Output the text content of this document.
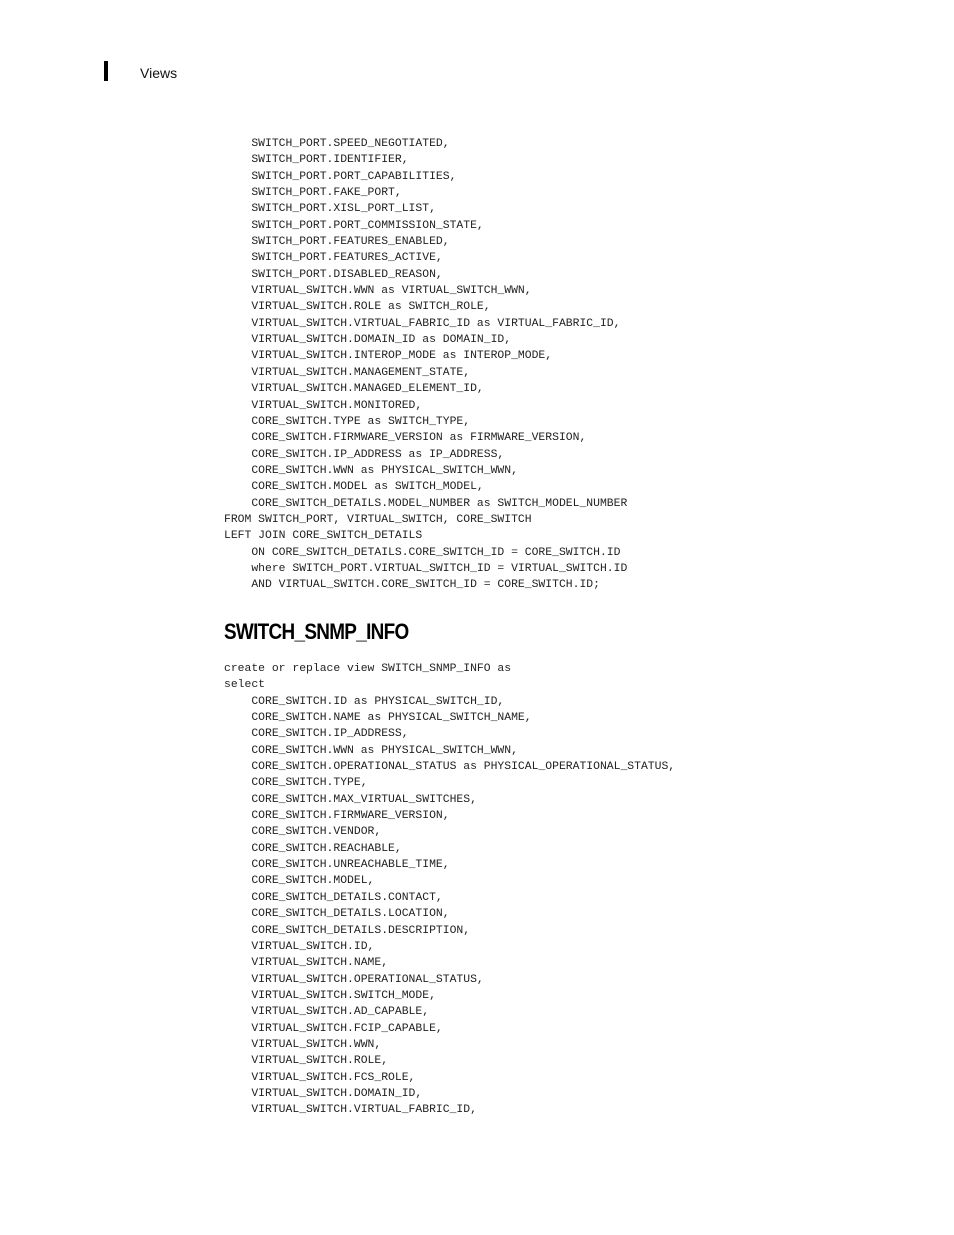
Views
SWITCH_PORT.SPEED_NEGOTIATED,
SWITCH_PORT.IDENTIFIER,
SWITCH_PORT.PORT_CAPABILITIES,
SWITCH_PORT.FAKE_PORT,
SWITCH_PORT.XISL_PORT_LIST,
SWITCH_PORT.PORT_COMMISSION_STATE,
SWITCH_PORT.FEATURES_ENABLED,
SWITCH_PORT.FEATURES_ACTIVE,
SWITCH_PORT.DISABLED_REASON,
VIRTUAL_SWITCH.WWN as VIRTUAL_SWITCH_WWN,
VIRTUAL_SWITCH.ROLE as SWITCH_ROLE,
VIRTUAL_SWITCH.VIRTUAL_FABRIC_ID as VIRTUAL_FABRIC_ID,
VIRTUAL_SWITCH.DOMAIN_ID as DOMAIN_ID,
VIRTUAL_SWITCH.INTEROP_MODE as INTEROP_MODE,
VIRTUAL_SWITCH.MANAGEMENT_STATE,
VIRTUAL_SWITCH.MANAGED_ELEMENT_ID,
VIRTUAL_SWITCH.MONITORED,
CORE_SWITCH.TYPE as SWITCH_TYPE,
CORE_SWITCH.FIRMWARE_VERSION as FIRMWARE_VERSION,
CORE_SWITCH.IP_ADDRESS as IP_ADDRESS,
CORE_SWITCH.WWN as PHYSICAL_SWITCH_WWN,
CORE_SWITCH.MODEL as SWITCH_MODEL,
CORE_SWITCH_DETAILS.MODEL_NUMBER as SWITCH_MODEL_NUMBER
FROM SWITCH_PORT, VIRTUAL_SWITCH, CORE_SWITCH
LEFT JOIN CORE_SWITCH_DETAILS
ON CORE_SWITCH_DETAILS.CORE_SWITCH_ID = CORE_SWITCH.ID
where SWITCH_PORT.VIRTUAL_SWITCH_ID = VIRTUAL_SWITCH.ID
AND VIRTUAL_SWITCH.CORE_SWITCH_ID = CORE_SWITCH.ID;
SWITCH_SNMP_INFO
create or replace view SWITCH_SNMP_INFO as
select
CORE_SWITCH.ID as PHYSICAL_SWITCH_ID,
CORE_SWITCH.NAME as PHYSICAL_SWITCH_NAME,
CORE_SWITCH.IP_ADDRESS,
CORE_SWITCH.WWN as PHYSICAL_SWITCH_WWN,
CORE_SWITCH.OPERATIONAL_STATUS as PHYSICAL_OPERATIONAL_STATUS,
CORE_SWITCH.TYPE,
CORE_SWITCH.MAX_VIRTUAL_SWITCHES,
CORE_SWITCH.FIRMWARE_VERSION,
CORE_SWITCH.VENDOR,
CORE_SWITCH.REACHABLE,
CORE_SWITCH.UNREACHABLE_TIME,
CORE_SWITCH.MODEL,
CORE_SWITCH_DETAILS.CONTACT,
CORE_SWITCH_DETAILS.LOCATION,
CORE_SWITCH_DETAILS.DESCRIPTION,
VIRTUAL_SWITCH.ID,
VIRTUAL_SWITCH.NAME,
VIRTUAL_SWITCH.OPERATIONAL_STATUS,
VIRTUAL_SWITCH.SWITCH_MODE,
VIRTUAL_SWITCH.AD_CAPABLE,
VIRTUAL_SWITCH.FCIP_CAPABLE,
VIRTUAL_SWITCH.WWN,
VIRTUAL_SWITCH.ROLE,
VIRTUAL_SWITCH.FCS_ROLE,
VIRTUAL_SWITCH.DOMAIN_ID,
VIRTUAL_SWITCH.VIRTUAL_FABRIC_ID,
